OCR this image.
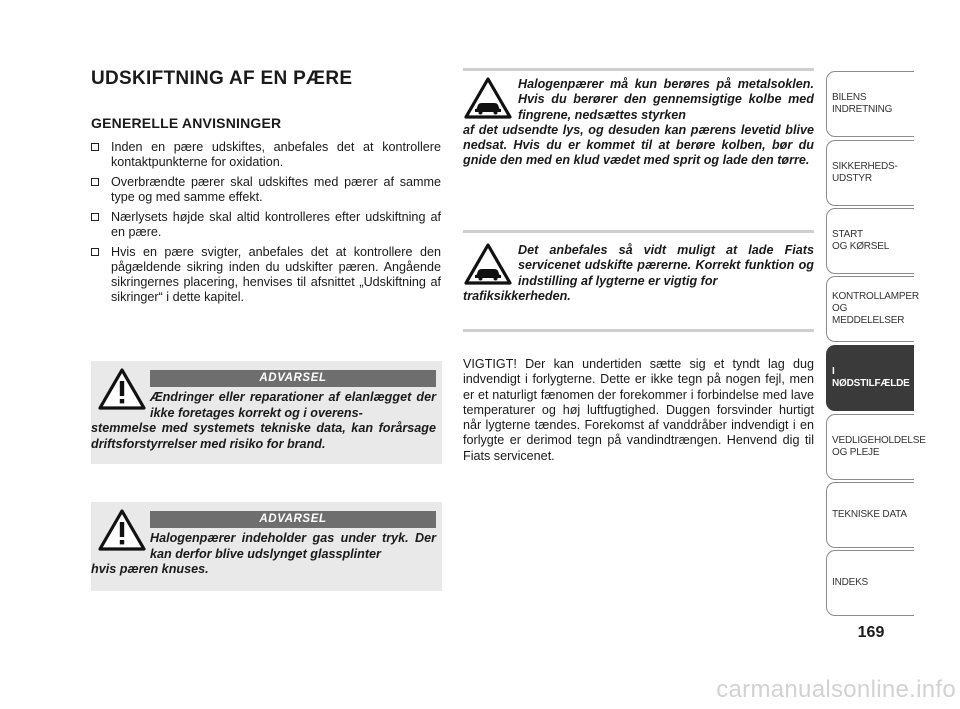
UDSKIFTNING AF EN PÆRE
GENERELLE ANVISNINGER
Inden en pære udskiftes, anbefales det at kontrollere kontaktpunkterne for oxidation.
Overbrændte pærer skal udskiftes med pærer af samme type og med samme effekt.
Nærlysets højde skal altid kontrolleres efter udskiftning af en pære.
Hvis en pære svigter, anbefales det at kontrollere den pågældende sikring inden du udskifter pæren. Angående sikringernes placering, henvises til afsnittet „Udskiftning af sikringer“ i dette kapitel.
ADVARSEL
Ændringer eller reparationer af elanlægget der ikke foretages korrekt og i overens-
stemmelse med systemets tekniske data, kan forårsage driftsforstyrrelser med risiko for brand.
ADVARSEL
Halogenpærer indeholder gas under tryk. Der kan derfor blive udslynget glassplinter
hvis pæren knuses.
Halogenpærer må kun berøres på metalsoklen. Hvis du berører den gennemsigtige kolbe med fingrene, nedsættes styrken
af det udsendte lys, og desuden kan pærens levetid blive nedsat. Hvis du er kommet til at berøre kolben, bør du gnide den med en klud vædet med sprit og lade den tørre.
Det anbefales så vidt muligt at lade Fiats servicenet udskifte pærerne. Korrekt funktion og indstilling af lygterne er vigtig for
trafiksikkerheden.
VIGTIGT! Der kan undertiden sætte sig et tyndt lag dug indvendigt i forlygterne. Dette er ikke tegn på nogen fejl, men er et naturligt fænomen der forekommer i forbindelse med lave temperaturer og høj luftfugtighed. Duggen forsvinder hurtigt når lygterne tændes. Forekomst af vanddråber indvendigt i en forlygte er derimod tegn på vandindtrængen. Henvend dig til Fiats servicenet.
BILENS
INDRETNING
SIKKERHEDS-
UDSTYR
START
OG KØRSEL
KONTROLLAMPER
OG MEDDELELSER
I NØDSTILFÆLDE
VEDLIGEHOLDELSE
OG PLEJE
TEKNISKE DATA
INDEKS
169
carmanualsonline.info
